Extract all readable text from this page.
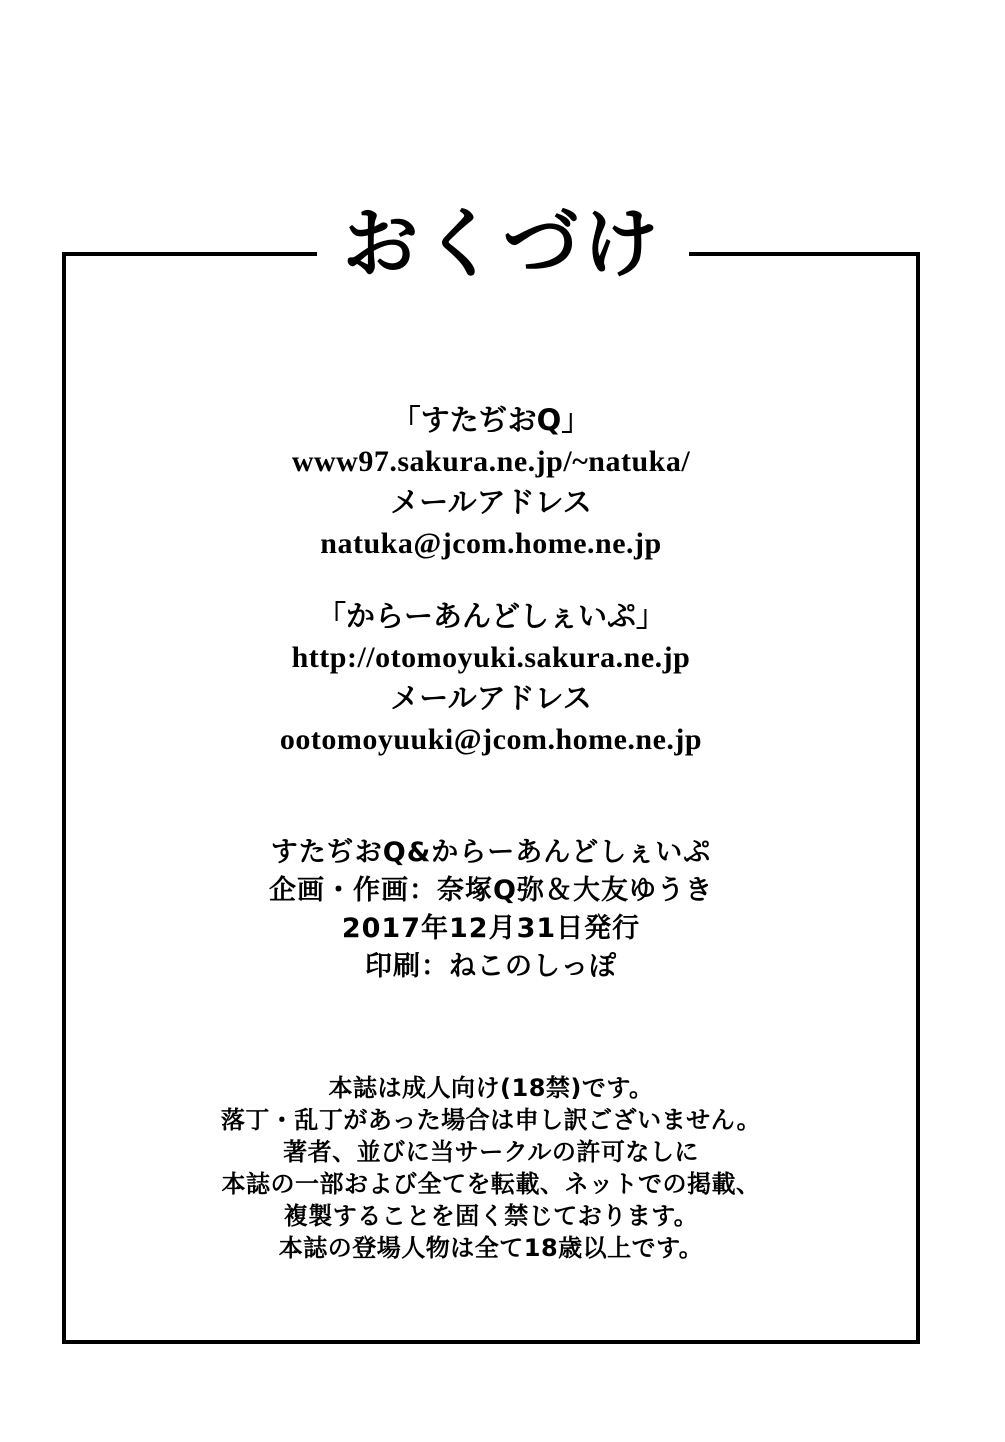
おくづけ
「すたぢおQ」
www97.sakura.ne.jp/~natuka/
メールアドレス
natuka@jcom.home.ne.jp
「からーあんどしぇいぷ」
http://otomoyuki.sakura.ne.jp
メールアドレス
ootomoyuuki@jcom.home.ne.jp
すたぢおQ&からーあんどしぇいぷ
企画・作画：奈塚Q弥＆大友ゆうき
2017年12月31日発行
印刷：ねこのしっぽ
本誌は成人向け(18禁)です。
落丁・乱丁があった場合は申し訳ございません。
著者、並びに当サークルの許可なしに
本誌の一部および全てを転載、ネットでの掲載、
複製することを固く禁じております。
本誌の登場人物は全て18歳以上です。
